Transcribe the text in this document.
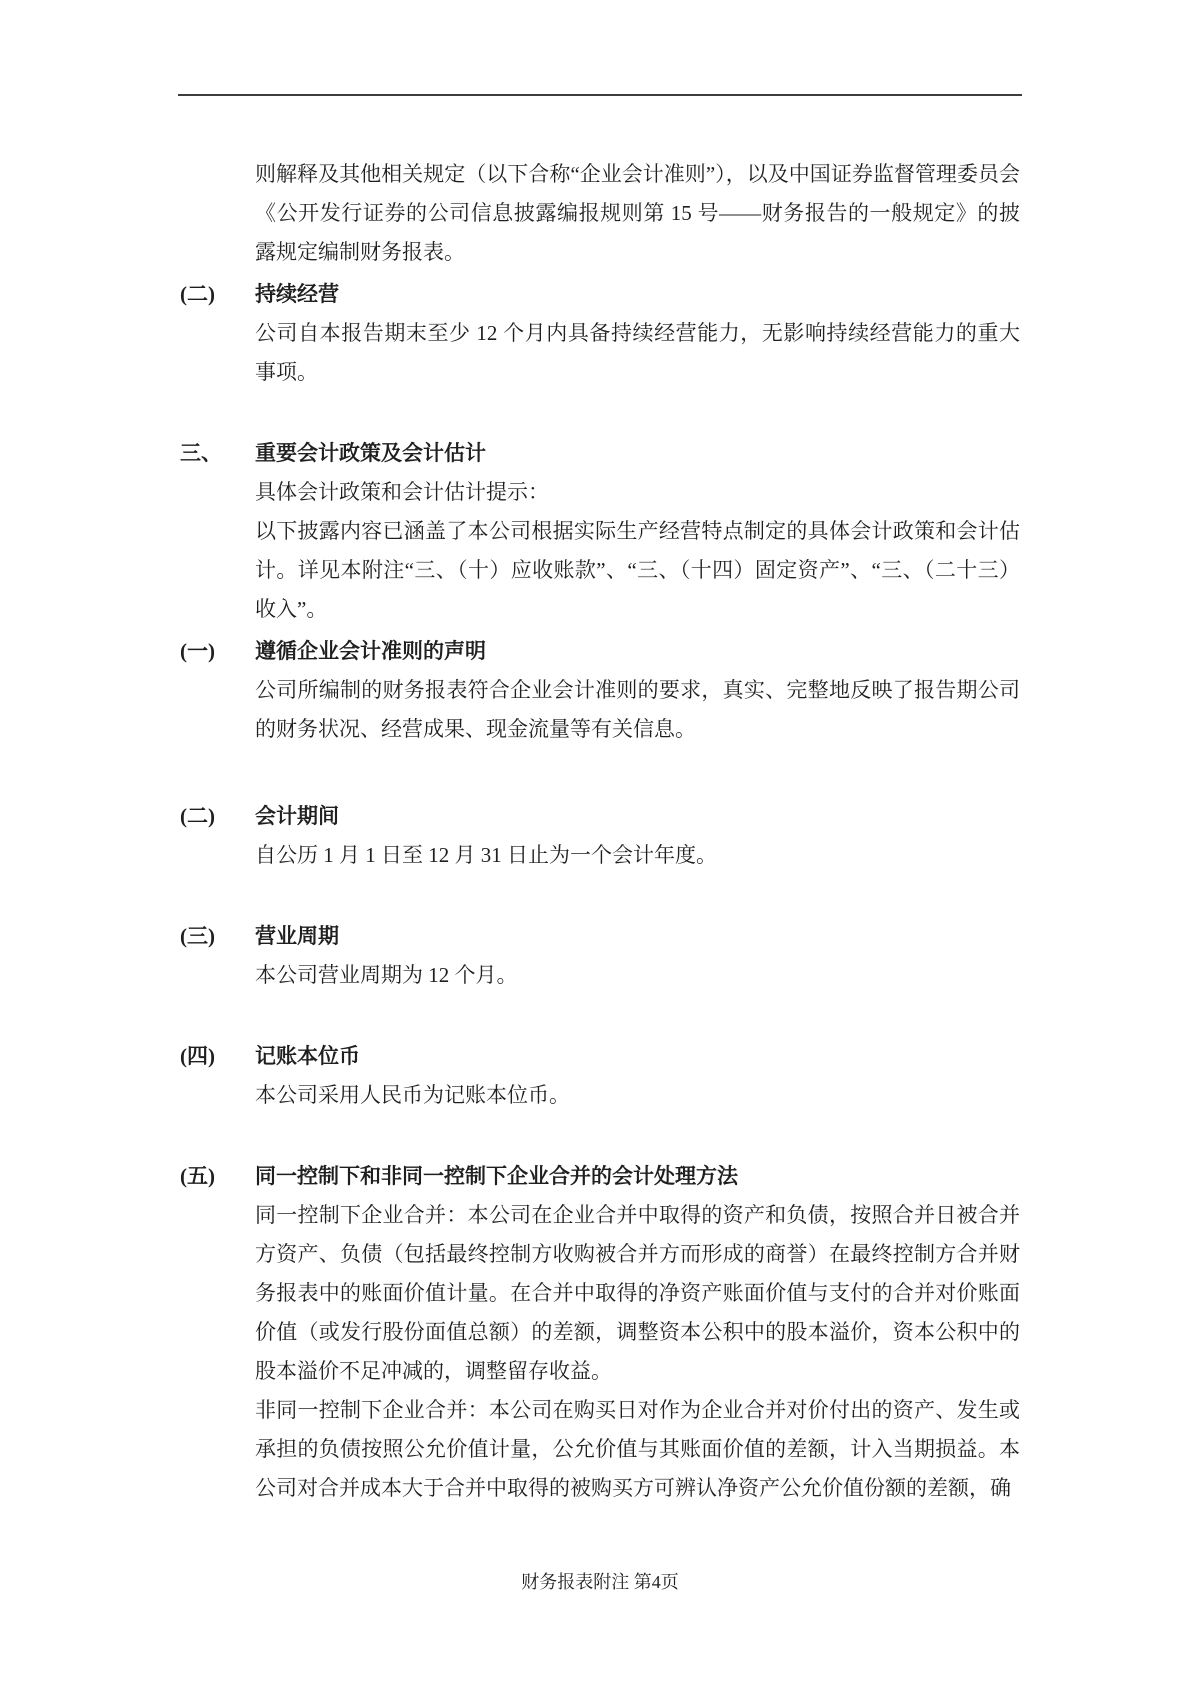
则解释及其他相关规定（以下合称“企业会计准则”），以及中国证券监督管理委员会《公开发行证券的公司信息披露编报规则第 15 号——财务报告的一般规定》的披露规定编制财务报表。

(二)	持续经营

公司自本报告期末至少 12 个月内具备持续经营能力，无影响持续经营能力的重大事项。

三、	重要会计政策及会计估计

具体会计政策和会计估计提示：

以下披露内容已涵盖了本公司根据实际生产经营特点制定的具体会计政策和会计估计。详见本附注“三、（十）应收账款”、“三、（十四）固定资产”、“三、（二十三）收入”。

(一)	遵循企业会计准则的声明

公司所编制的财务报表符合企业会计准则的要求，真实、完整地反映了报告期公司的财务状况、经营成果、现金流量等有关信息。

(二)	会计期间

自公历 1 月 1 日至 12 月 31 日止为一个会计年度。

(三)	营业周期

本公司营业周期为 12 个月。

(四)	记账本位币

本公司采用人民币为记账本位币。

(五)	同一控制下和非同一控制下企业合并的会计处理方法

同一控制下企业合并：本公司在企业合并中取得的资产和负债，按照合并日被合并方资产、负债（包括最终控制方收购被合并方而形成的商誉）在最终控制方合并财务报表中的账面价值计量。在合并中取得的净资产账面价值与支付的合并对价账面价值（或发行股份面值总额）的差额，调整资本公积中的股本溢价，资本公积中的股本溢价不足冲减的，调整留存收益。

非同一控制下企业合并：本公司在购买日对作为企业合并对价付出的资产、发生或承担的负债按照公允价值计量，公允价值与其账面价值的差额，计入当期损益。本公司对合并成本大于合并中取得的被购买方可辨认净资产公允价值份额的差额，确

财务报表附注 第4页
